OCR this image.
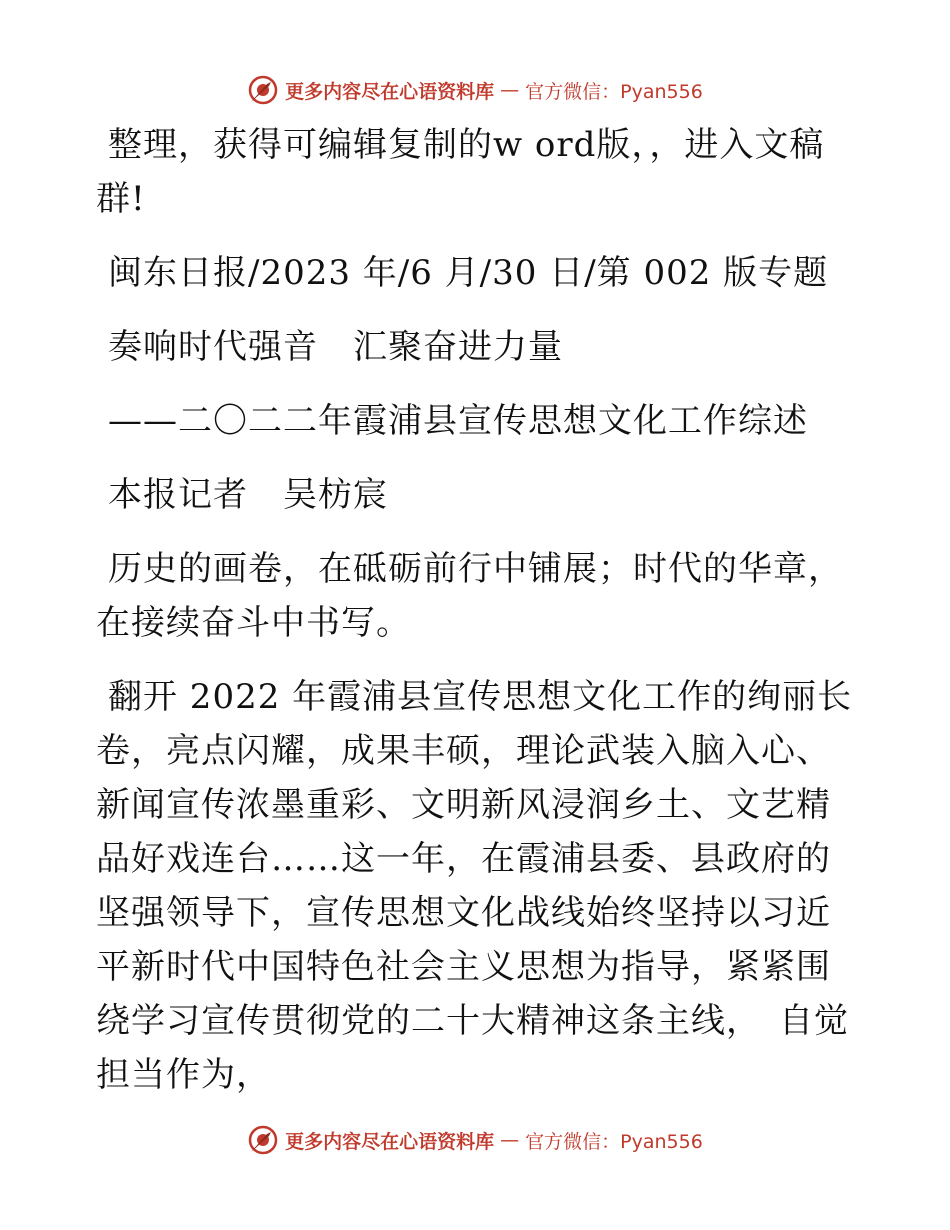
更多内容尽在心语资料库 — 官方微信：Pyan556

整理，获得可编辑复制的w ord版，，进入文稿群!

闽东日报/2023 年/6 月/30 日/第 002 版专题

奏响时代强音　汇聚奋进力量

——二〇二二年霞浦县宣传思想文化工作综述

本报记者　吴枋宸

历史的画卷，在砥砺前行中铺展；时代的华章，在接续奋斗中书写。

翻开 2022 年霞浦县宣传思想文化工作的绚丽长卷，亮点闪耀，成果丰硕，理论武装入脑入心、新闻宣传浓墨重彩、文明新风浸润乡土、文艺精品好戏连台……这一年，在霞浦县委、县政府的坚强领导下，宣传思想文化战线始终坚持以习近平新时代中国特色社会主义思想为指导，紧紧围绕学习宣传贯彻党的二十大精神这条主线，　自觉担当作为，

更多内容尽在心语资料库 — 官方微信：Pyan556
